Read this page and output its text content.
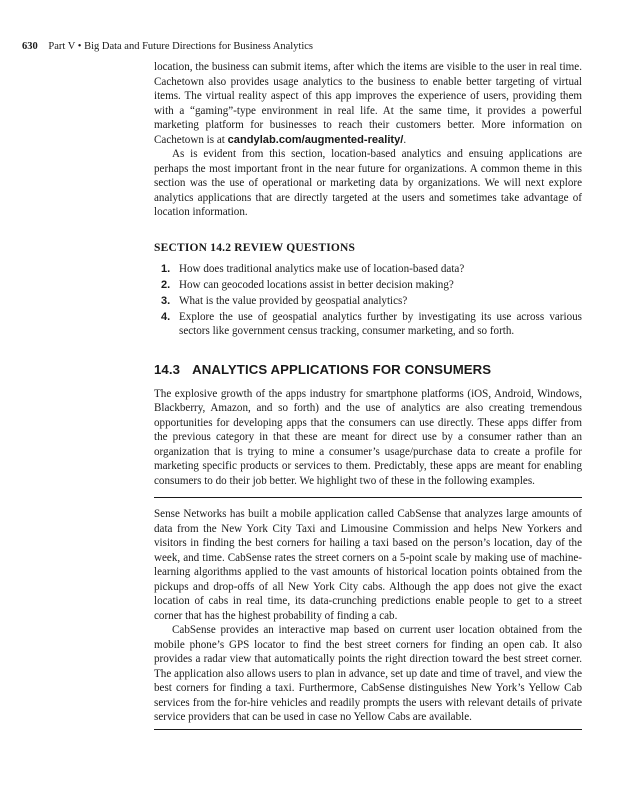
630 Part V • Big Data and Future Directions for Business Analytics

location, the business can submit items, after which the items are visible to the user in real time. Cachetown also provides usage analytics to the business to enable better targeting of virtual items. The virtual reality aspect of this app improves the experience of users, providing them with a “gaming”-type environment in real life. At the same time, it provides a powerful marketing platform for businesses to reach their customers better. More information on Cachetown is at candylab.com/augmented-reality/.

As is evident from this section, location-based analytics and ensuing applications are perhaps the most important front in the near future for organizations. A common theme in this section was the use of operational or marketing data by organizations. We will next explore analytics applications that are directly targeted at the users and sometimes take advantage of location information.

SECTION 14.2 REVIEW QUESTIONS
1. How does traditional analytics make use of location-based data?
2. How can geocoded locations assist in better decision making?
3. What is the value provided by geospatial analytics?
4. Explore the use of geospatial analytics further by investigating its use across various sectors like government census tracking, consumer marketing, and so forth.
14.3 ANALYTICS APPLICATIONS FOR CONSUMERS

The explosive growth of the apps industry for smartphone platforms (iOS, Android, Windows, Blackberry, Amazon, and so forth) and the use of analytics are also creating tremendous opportunities for developing apps that the consumers can use directly. These apps differ from the previous category in that these are meant for direct use by a consumer rather than an organization that is trying to mine a consumer’s usage/purchase data to create a profile for marketing specific products or services to them. Predictably, these apps are meant for enabling consumers to do their job better. We highlight two of these in the following examples.

Sense Networks has built a mobile application called CabSense that analyzes large amounts of data from the New York City Taxi and Limousine Commission and helps New Yorkers and visitors in finding the best corners for hailing a taxi based on the person’s location, day of the week, and time. CabSense rates the street corners on a 5-point scale by making use of machine-learning algorithms applied to the vast amounts of historical location points obtained from the pickups and drop-offs of all New York City cabs. Although the app does not give the exact location of cabs in real time, its data-crunching predictions enable people to get to a street corner that has the highest probability of finding a cab.

CabSense provides an interactive map based on current user location obtained from the mobile phone’s GPS locator to find the best street corners for finding an open cab. It also provides a radar view that automatically points the right direction toward the best street corner. The application also allows users to plan in advance, set up date and time of travel, and view the best corners for finding a taxi. Furthermore, CabSense distinguishes New York’s Yellow Cab services from the for-hire vehicles and readily prompts the users with relevant details of private service providers that can be used in case no Yellow Cabs are available.
